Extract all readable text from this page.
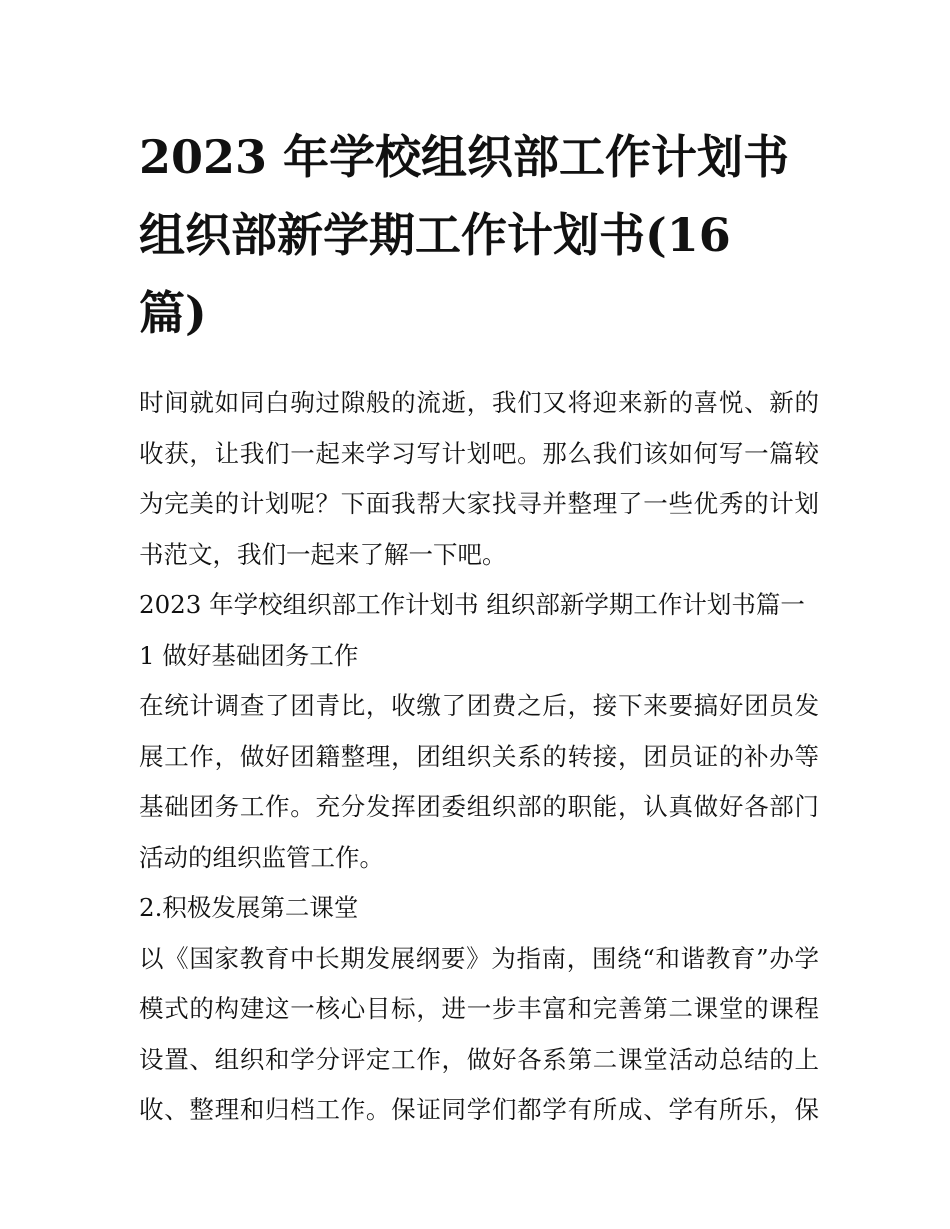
2023 年学校组织部工作计划书
组织部新学期工作计划书(16
篇)

时间就如同白驹过隙般的流逝，我们又将迎来新的喜悦、新的
收获，让我们一起来学习写计划吧。那么我们该如何写一篇较
为完美的计划呢？下面我帮大家找寻并整理了一些优秀的计划
书范文，我们一起来了解一下吧。

2023 年学校组织部工作计划书 组织部新学期工作计划书篇一

1 做好基础团务工作

在统计调查了团青比，收缴了团费之后，接下来要搞好团员发
展工作，做好团籍整理，团组织关系的转接，团员证的补办等
基础团务工作。充分发挥团委组织部的职能，认真做好各部门
活动的组织监管工作。

2.积极发展第二课堂

以《国家教育中长期发展纲要》为指南，围绕“和谐教育”办学
模式的构建这一核心目标，进一步丰富和完善第二课堂的课程
设置、组织和学分评定工作，做好各系第二课堂活动总结的上
收、整理和归档工作。保证同学们都学有所成、学有所乐，保
